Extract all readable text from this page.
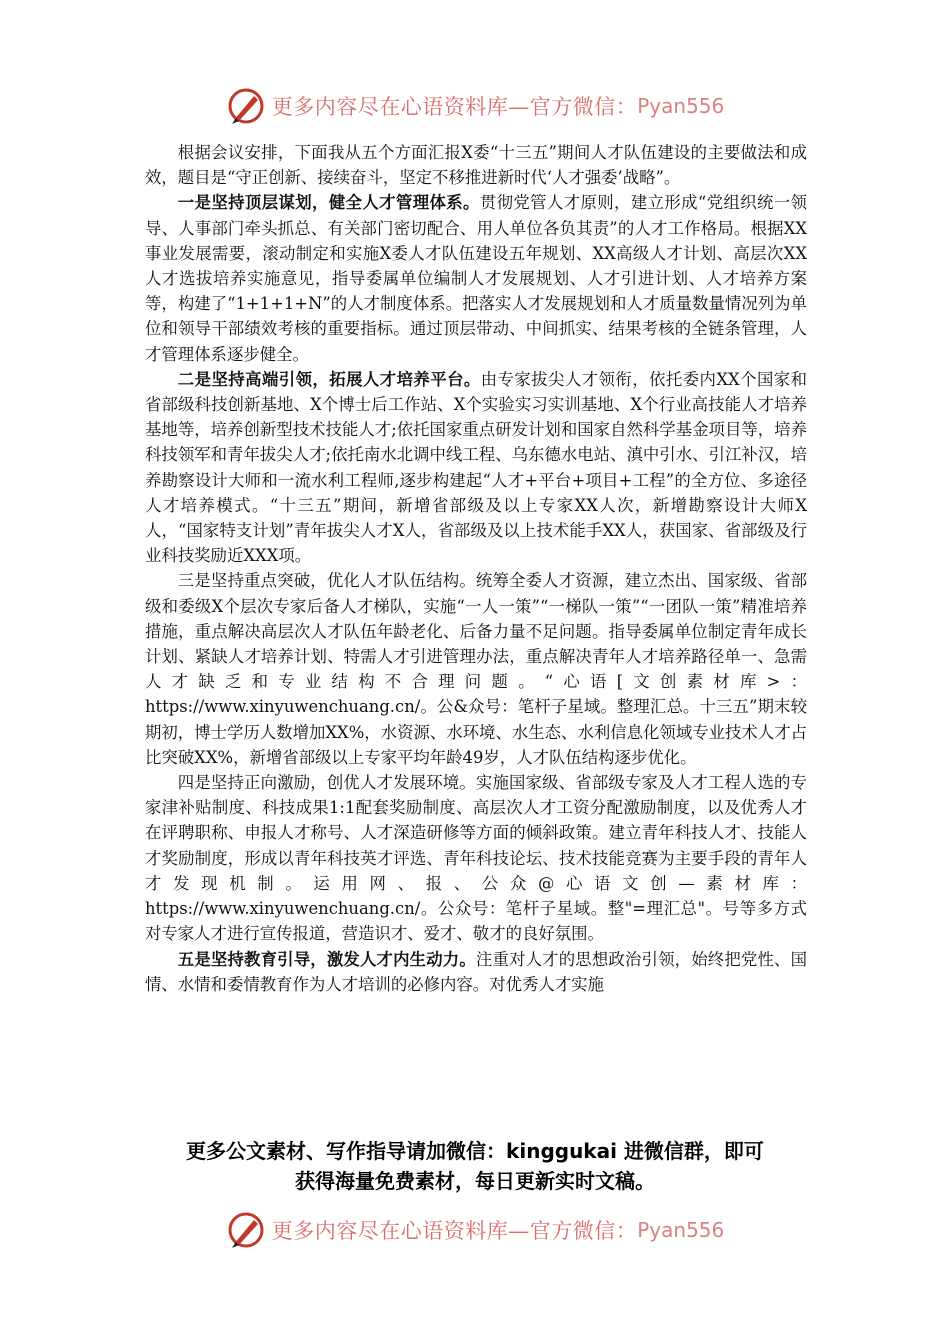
更多内容尽在心语资料库—官方微信： Pyan556

根据会议安排，下面我从五个方面汇报X委“十三五”期间人才队伍建设的主要做法和成效，题目是“守正创新、接续奋斗，坚定不移推进新时代‘人才强委’战略”。

一是坚持顶层谋划，健全人才管理体系。贯彻党管人才原则，建立形成“党组织统一领导、人事部门牵头抓总、有关部门密切配合、用人单位各负其责”的人才工作格局。根据XX事业发展需要，滚动制定和实施X委人才队伍建设五年规划、XX高级人才计划、高层次XX人才选拔培养实施意见，指导委属单位编制人才发展规划、人才引进计划、人才培养方案等，构建了“1+1+1+N”的人才制度体系。把落实人才发展规划和人才质量数量情况列为单位和领导干部绩效考核的重要指标。通过顶层带动、中间抓实、结果考核的全链条管理，人才管理体系逐步健全。

二是坚持高端引领，拓展人才培养平台。由专家拔尖人才领衔，依托委内XX个国家和省部级科技创新基地、X个博士后工作站、X个实验实习实训基地、X个行业高技能人才培养基地等，培养创新型技术技能人才;依托国家重点研发计划和国家自然科学基金项目等，培养科技领军和青年拔尖人才;依托南水北调中线工程、乌东德水电站、滇中引水、引江补汉，培养勘察设计大师和一流水利工程师,逐步构建起“人才+平台+项目+工程”的全方位、多途径人才培养模式。“十三五”期间，新增省部级及以上专家XX人次，新增勘察设计大师X人，“国家特支计划”青年拔尖人才X人，省部级及以上技术能手XX人，获国家、省部级及行业科技奖励近XXX项。

三是坚持重点突破，优化人才队伍结构。统筹全委人才资源，建立杰出、国家级、省部级和委级X个层次专家后备人才梯队，实施“一人一策”“一梯队一策”“一团队一策”精准培养措施，重点解决高层次人才队伍年龄老化、后备力量不足问题。指导委属单位制定青年成长计划、紧缺人才培养计划、特需人才引进管理办法，重点解决青年人才培养路径单一、急需人才缺乏和专业结构不合理问题。“心语[文创素材库>：https://www.xinyuwenchuang.cn/。公&众号：笔杆子星域。整理汇总。十三五”期末较期初，博士学历人数增加XX%，水资源、水环境、水生态、水利信息化领域专业技术人才占比突破XX%，新增省部级以上专家平均年龄49岁，人才队伍结构逐步优化。

四是坚持正向激励，创优人才发展环境。实施国家级、省部级专家及人才工程人选的专家津补贴制度、科技成果1:1配套奖励制度、高层次人才工资分配激励制度，以及优秀人才在评聘职称、申报人才称号、人才深造研修等方面的倾斜政策。建立青年科技人才、技能人才奖励制度，形成以青年科技英才评选、青年科技论坛、技术技能竞赛为主要手段的青年人才发现机制。运用网、报、公众@心语文创—素材库：https://www.xinyuwenchuang.cn/。公众号：笔杆子星域。整"=理汇总"。号等多方式对专家人才进行宣传报道，营造识才、爱才、敬才的良好氛围。

五是坚持教育引导，激发人才内生动力。注重对人才的思想政治引领，始终把党性、国情、水情和委情教育作为人才培训的必修内容。对优秀人才实施

更多公文素材、写作指导请加微信：kinggukai 进微信群，即可
获得海量免费素材，每日更新实时文稿。
更多内容尽在心语资料库—官方微信： Pyan556
